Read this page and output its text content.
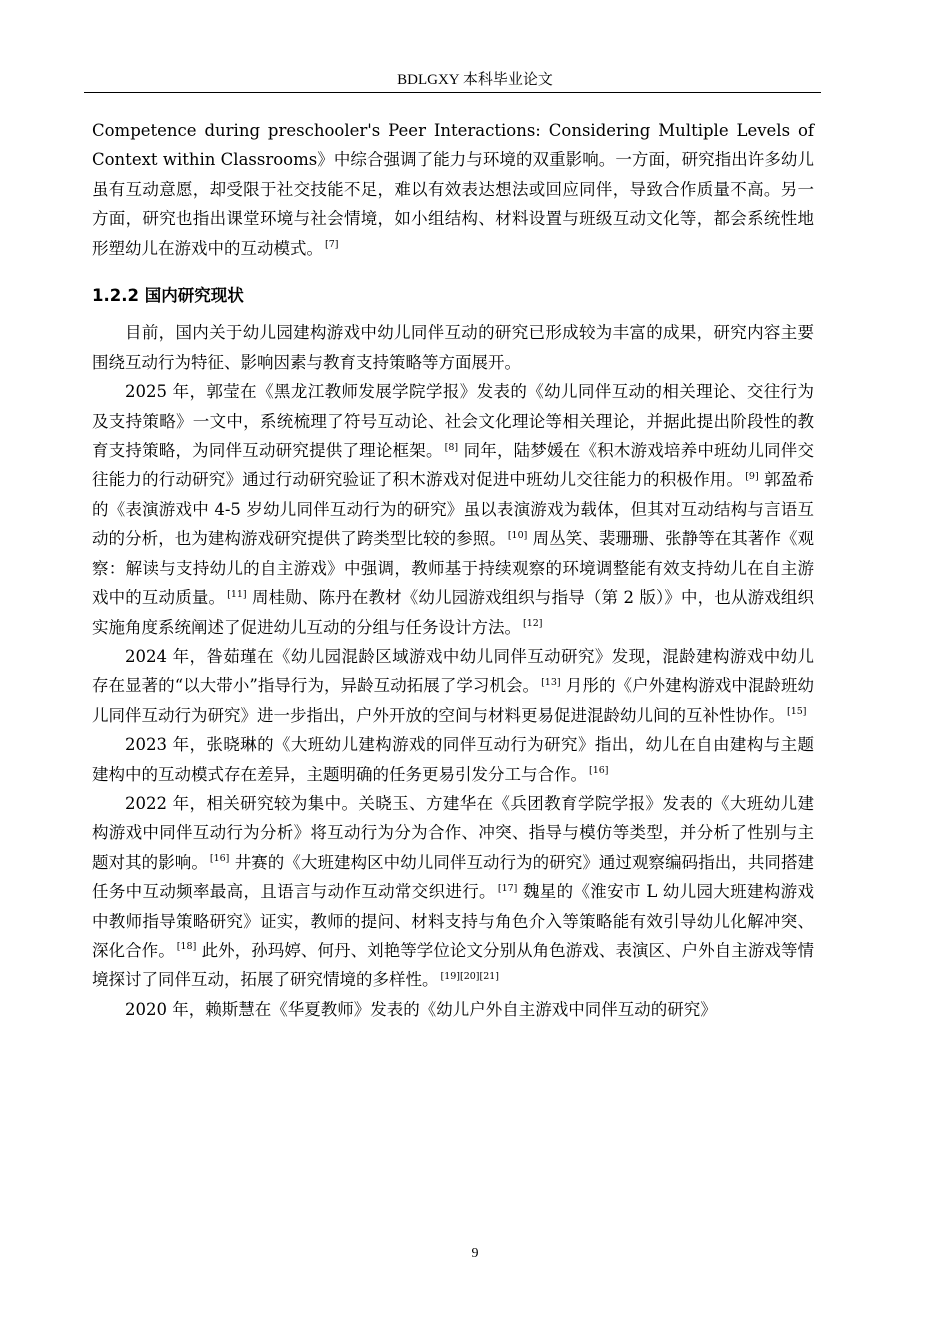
BDLGXY 本科毕业论文

Competence during preschooler's Peer Interactions: Considering Multiple Levels of Context within Classrooms》中综合强调了能力与环境的双重影响。一方面，研究指出许多幼儿虽有互动意愿，却受限于社交技能不足，难以有效表达想法或回应同伴，导致合作质量不高。另一方面，研究也指出课堂环境与社会情境，如小组结构、材料设置与班级互动文化等，都会系统性地形塑幼儿在游戏中的互动模式。 [7]

1.2.2 国内研究现状

目前，国内关于幼儿园建构游戏中幼儿同伴互动的研究已形成较为丰富的成果，研究内容主要围绕互动行为特征、影响因素与教育支持策略等方面展开。

2025 年，郭莹在《黑龙江教师发展学院学报》发表的《幼儿同伴互动的相关理论、交往行为及支持策略》一文中，系统梳理了符号互动论、社会文化理论等相关理论，并据此提出阶段性的教育支持策略，为同伴互动研究提供了理论框架。 [8] 同年，陆梦媛在《积木游戏培养中班幼儿同伴交往能力的行动研究》通过行动研究验证了积木游戏对促进中班幼儿交往能力的积极作用。 [9] 郭盈希的《表演游戏中 4-5 岁幼儿同伴互动行为的研究》虽以表演游戏为载体，但其对互动结构与言语互动的分析，也为建构游戏研究提供了跨类型比较的参照。 [10] 周丛笑、裴珊珊、张静等在其著作《观察：解读与支持幼儿的自主游戏》中强调，教师基于持续观察的环境调整能有效支持幼儿在自主游戏中的互动质量。 [11] 周桂勋、陈丹在教材《幼儿园游戏组织与指导（第 2 版）》中，也从游戏组织实施角度系统阐述了促进幼儿互动的分组与任务设计方法。 [12]

2024 年，昝茹瑾在《幼儿园混龄区域游戏中幼儿同伴互动研究》发现，混龄建构游戏中幼儿存在显著的“以大带小”指导行为，异龄互动拓展了学习机会。 [13] 月彤的《户外建构游戏中混龄班幼儿同伴互动行为研究》进一步指出，户外开放的空间与材料更易促进混龄幼儿间的互补性协作。 [15]

2023 年，张晓琳的《大班幼儿建构游戏的同伴互动行为研究》指出，幼儿在自由建构与主题建构中的互动模式存在差异，主题明确的任务更易引发分工与合作。 [16]

2022 年，相关研究较为集中。关晓玉、方建华在《兵团教育学院学报》发表的《大班幼儿建构游戏中同伴互动行为分析》将互动行为分为合作、冲突、指导与模仿等类型，并分析了性别与主题对其的影响。 [16] 井赛的《大班建构区中幼儿同伴互动行为的研究》通过观察编码指出，共同搭建任务中互动频率最高，且语言与动作互动常交织进行。 [17] 魏星的《淮安市 L 幼儿园大班建构游戏中教师指导策略研究》证实，教师的提问、材料支持与角色介入等策略能有效引导幼儿化解冲突、深化合作。 [18] 此外，孙玛婷、何丹、刘艳等学位论文分别从角色游戏、表演区、户外自主游戏等情境探讨了同伴互动，拓展了研究情境的多样性。 [19][20][21]

2020 年，赖斯慧在《华夏教师》发表的《幼儿户外自主游戏中同伴互动的研究》

9
